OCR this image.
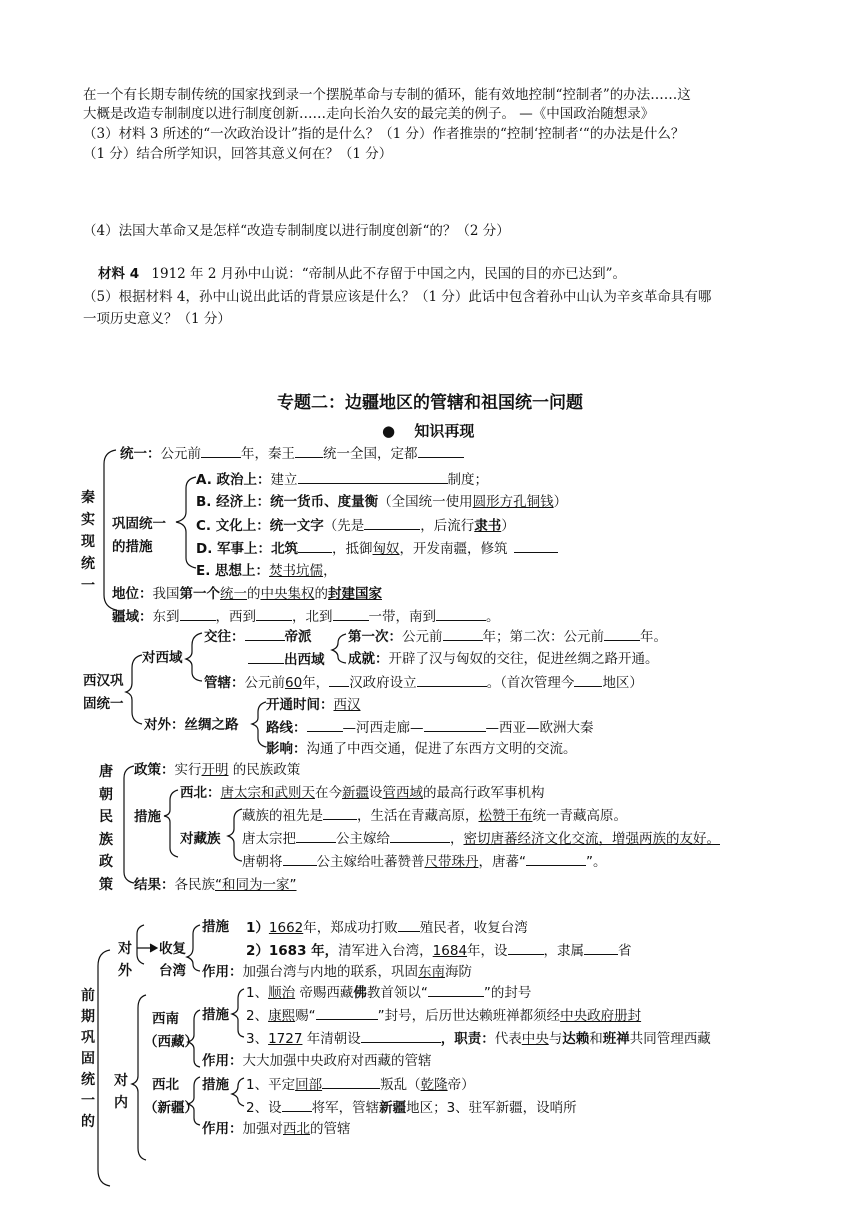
在一个有长期专制传统的国家找到录一个摆脱革命与专制的循环，能有效地控制“控制者”的办法……这
大概是改造专制制度以进行制度创新……走向长治久安的最完美的例子。 —《中国政治随想录》
（3）材料 3 所述的“一次政治设计”指的是什么？（1 分）作者推崇的“控制‘控制者‘“的办法是什么？
（1 分）结合所学知识，回答其意义何在？（1 分）
（4）法国大革命又是怎样“改造专制制度以进行制度创新“的？（2 分）
材料 4 1912 年 2 月孙中山说：“帝制从此不存留于中国之内，民国的目的亦已达到”。
（5）根据材料 4，孙中山说出此话的背景应该是什么？（1 分）此话中包含着孙中山认为辛亥革命具有哪
一项历史意义？（1 分）
专题二：边疆地区的管辖和祖国统一问题
● 知识再现
秦
实
现
统
一
统一：公元前	年，秦王 统一全国，定都
巩固统一
的措施
A. 政治上：建立	制度；
B. 经济上：统一货币、度量衡（全国统一使用圆形方孔铜钱）
C. 文化上：统一文字（先是	，后流行隶书）
D. 军事上：北筑	，抵御匈奴，开发南疆，修筑
E. 思想上：焚书坑儒，
地位：我国第一个统一的中央集权的封建国家
疆域：东到	，西到	，北到	一带，南到	。
西汉巩
固统一
对西域
交往：	帝派
出西域
第一次：公元前	年；第二次：公元前	年。
成就：开辟了汉与匈奴的交往，促进丝绸之路开通。
管辖：公元前60年， 汉政府设立	。（首次管理今 地区）
对外：丝绸之路
开通时间：西汉
路线：	—河西走廊—	—西亚—欧洲大秦
影响：沟通了中西交通，促进了东西方文明的交流。
唐
朝
民
族
政
策
政策：实行开明 的民族政策
措施
西北：唐太宗和武则天在今新疆设管西域的最高行政军事机构
对藏族
藏族的祖先是	，生活在青藏高原，松赞干布统一青藏高原。
唐太宗把	公主嫁给	，密切唐蕃经济文化交流，增强两族的友好。
唐朝将	公主嫁给吐蕃赞普尺带珠丹，唐蕃“	”。
结果：各民族“和同为一家”
前
期
巩
固
统
一
的
对
外
对
内
收复
台湾
措施 1）1662年，郑成功打败 殖民者，收复台湾
2）1683 年，清军进入台湾，1684年，设	，隶属	省
作用：加强台湾与内地的联系，巩固东南海防
西南
（西藏）
措施
1、顺治 帝赐西藏佛教首领以“	”的封号
2、康熙赐“	”封号，后历世达赖班禅都须经中央政府册封
3、1727 年清朝设	，职责：代表中央与达赖和班禅共同管理西藏
作用：大大加强中央政府对西藏的管辖
西北
（新疆）
措施 1、平定回部	叛乱（乾隆帝）
2、设 将军，管辖新疆地区；3、驻军新疆，设哨所
作用：加强对西北的管辖
